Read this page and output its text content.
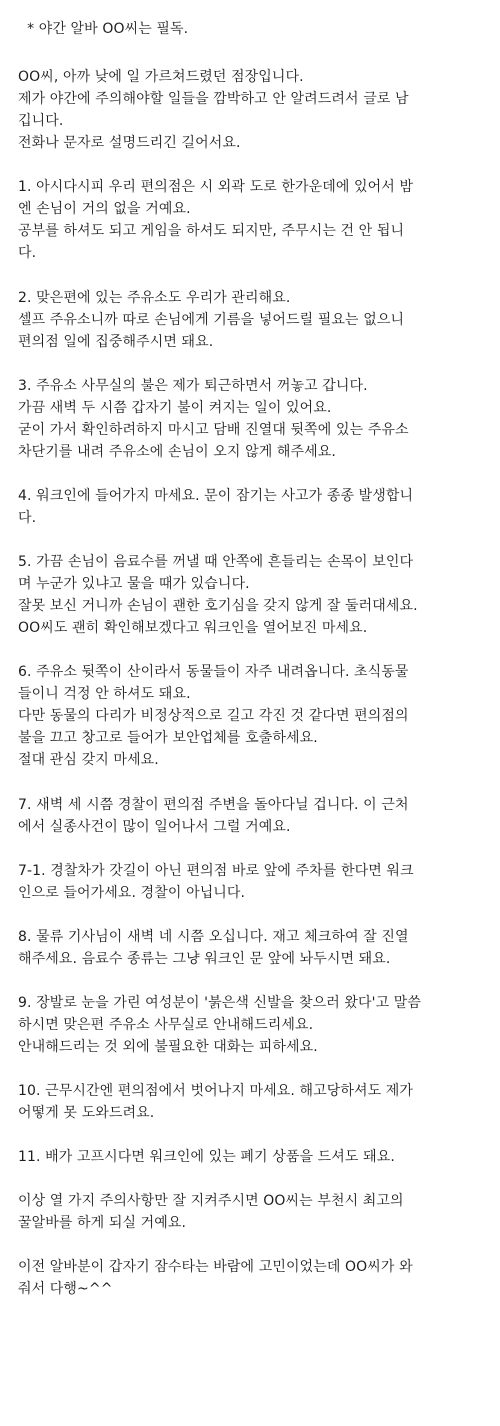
* 야간 알바 OO씨는 필독.
OO씨, 아까 낮에 일 가르쳐드렸던 점장입니다.
제가 야간에 주의해야할 일들을 깜박하고 안 알려드려서 글로 남
깁니다.
전화나 문자로 설명드리긴 길어서요.
1. 아시다시피 우리 편의점은 시 외곽 도로 한가운데에 있어서 밤
엔 손님이 거의 없을 거예요.
공부를 하셔도 되고 게임을 하셔도 되지만, 주무시는 건 안 됩니
다.
2. 맞은편에 있는 주유소도 우리가 관리해요.
셀프 주유소니까 따로 손님에게 기름을 넣어드릴 필요는 없으니
편의점 일에 집중해주시면 돼요.
3. 주유소 사무실의 불은 제가 퇴근하면서 꺼놓고 갑니다.
가끔 새벽 두 시쯤 갑자기 불이 켜지는 일이 있어요.
굳이 가서 확인하려하지 마시고 담배 진열대 뒷쪽에 있는 주유소
차단기를 내려 주유소에 손님이 오지 않게 해주세요.
4. 워크인에 들어가지 마세요. 문이 잠기는 사고가 종종 발생합니
다.
5. 가끔 손님이 음료수를 꺼낼 때 안쪽에 흔들리는 손목이 보인다
며 누군가 있냐고 물을 때가 있습니다.
잘못 보신 거니까 손님이 괜한 호기심을 갖지 않게 잘 둘러대세요.
OO씨도 괜히 확인해보겠다고 워크인을 열어보진 마세요.
6. 주유소 뒷쪽이 산이라서 동물들이 자주 내려옵니다. 초식동물
들이니 걱정 안 하셔도 돼요.
다만 동물의 다리가 비정상적으로 길고 각진 것 같다면 편의점의
불을 끄고 창고로 들어가 보안업체를 호출하세요.
절대 관심 갖지 마세요.
7. 새벽 세 시쯤 경찰이 편의점 주변을 돌아다닐 겁니다. 이 근처
에서 실종사건이 많이 일어나서 그럴 거예요.
7-1. 경찰차가 갓길이 아닌 편의점 바로 앞에 주차를 한다면 워크
인으로 들어가세요. 경찰이 아닙니다.
8. 물류 기사님이 새벽 네 시쯤 오십니다. 재고 체크하여 잘 진열
해주세요. 음료수 종류는 그냥 워크인 문 앞에 놔두시면 돼요.
9. 장발로 눈을 가린 여성분이 '붉은색 신발을 찾으러 왔다'고 말씀
하시면 맞은편 주유소 사무실로 안내해드리세요.
안내해드리는 것 외에 불필요한 대화는 피하세요.
10. 근무시간엔 편의점에서 벗어나지 마세요. 해고당하셔도 제가
어떻게 못 도와드려요.
11. 배가 고프시다면 워크인에 있는 폐기 상품을 드셔도 돼요.
이상 열 가지 주의사항만 잘 지켜주시면 OO씨는 부천시 최고의
꿀알바를 하게 되실 거예요.
이전 알바분이 갑자기 잠수타는 바람에 고민이었는데 OO씨가 와
줘서 다행~^^
